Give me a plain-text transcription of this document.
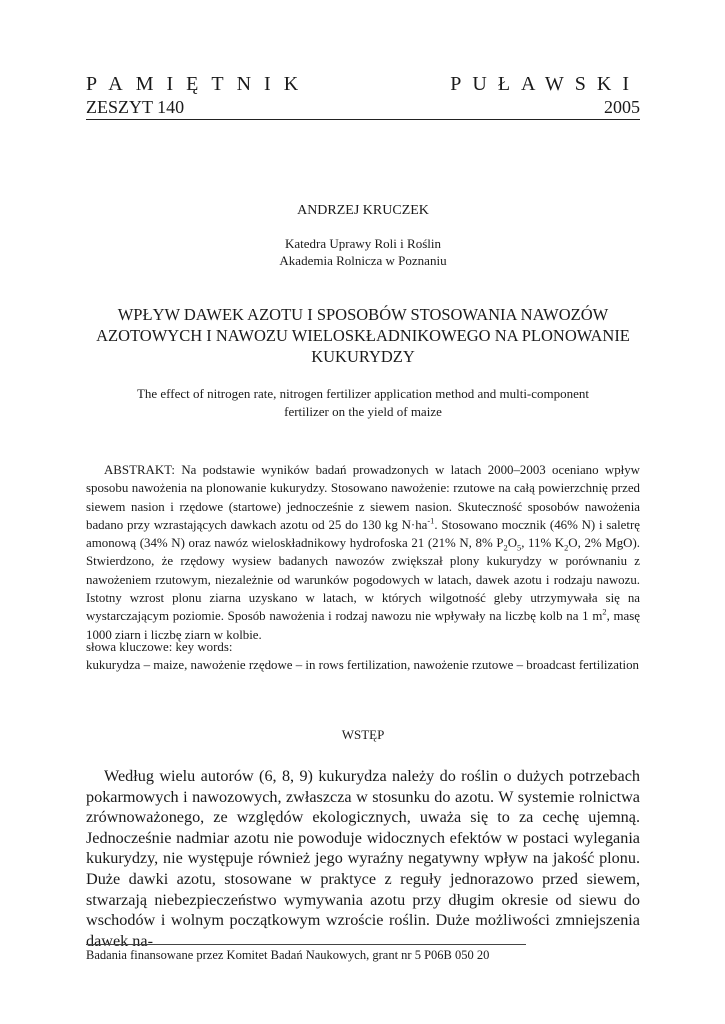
PAMIĘTNIK	PUŁAWSKI
ZESZYT 140	2005
ANDRZEJ KRUCZEK
Katedra Uprawy Roli i Roślin
Akademia Rolnicza w Poznaniu
WPŁYW DAWEK AZOTU I SPOSOBÓW STOSOWANIA NAWOZÓW
AZOTOWYCH I NAWOZU WIELOSKŁADNIKOWEGO NA PLONOWANIE
KUKURYDZY
The effect of nitrogen rate, nitrogen fertilizer application method and multi-component
fertilizer on the yield of maize

ABSTRAKT: Na podstawie wyników badań prowadzonych w latach 2000–2003 oceniano wpływ sposobu nawożenia na plonowanie kukurydzy. Stosowano nawożenie: rzutowe na całą powierzchnię przed siewem nasion i rzędowe (startowe) jednocześnie z siewem nasion. Skuteczność sposobów nawożenia badano przy wzrastających dawkach azotu od 25 do 130 kg $N\cdot ha^{-1}$. Stosowano mocznik (46% N) i saletrę amonową (34% N) oraz nawóz wieloskładnikowy hydrofoska 21 (21% N, 8% $P_2O_5$, 11% $K_2O$, 2% MgO). Stwierdzono, że rzędowy wysiew badanych nawozów zwiększał plony kukurydzy w porównaniu z nawożeniem rzutowym, niezależnie od warunków pogodowych w latach, dawek azotu i rodzaju nawozu. Istotny wzrost plonu ziarna uzyskano w latach, w których wilgotność gleby utrzymywała się na wystarczającym poziomie. Sposób nawożenia i rodzaj nawozu nie wpływały na liczbę kolb na 1 $m^2$, masę 1000 ziarn i liczbę ziarn w kolbie.

słowa kluczowe: key words:
kukurydza – maize, nawożenie rzędowe – in rows fertilization, nawożenie rzutowe – broadcast fertilization

WSTĘP

Według wielu autorów (6, 8, 9) kukurydza należy do roślin o dużych potrzebach pokarmowych i nawozowych, zwłaszcza w stosunku do azotu. W systemie rolnictwa zrównoważonego, ze względów ekologicznych, uważa się to za cechę ujemną. Jednocześnie nadmiar azotu nie powoduje widocznych efektów w postaci wylegania kukurydzy, nie występuje również jego wyraźny negatywny wpływ na jakość plonu. Duże dawki azotu, stosowane w praktyce z reguły jednorazowo przed siewem, stwarzają niebezpieczeństwo wymywania azotu przy długim okresie od siewu do wschodów i wolnym początkowym wzroście roślin. Duże możliwości zmniejszenia dawek na-

Badania finansowane przez Komitet Badań Naukowych, grant nr 5 P06B 050 20
